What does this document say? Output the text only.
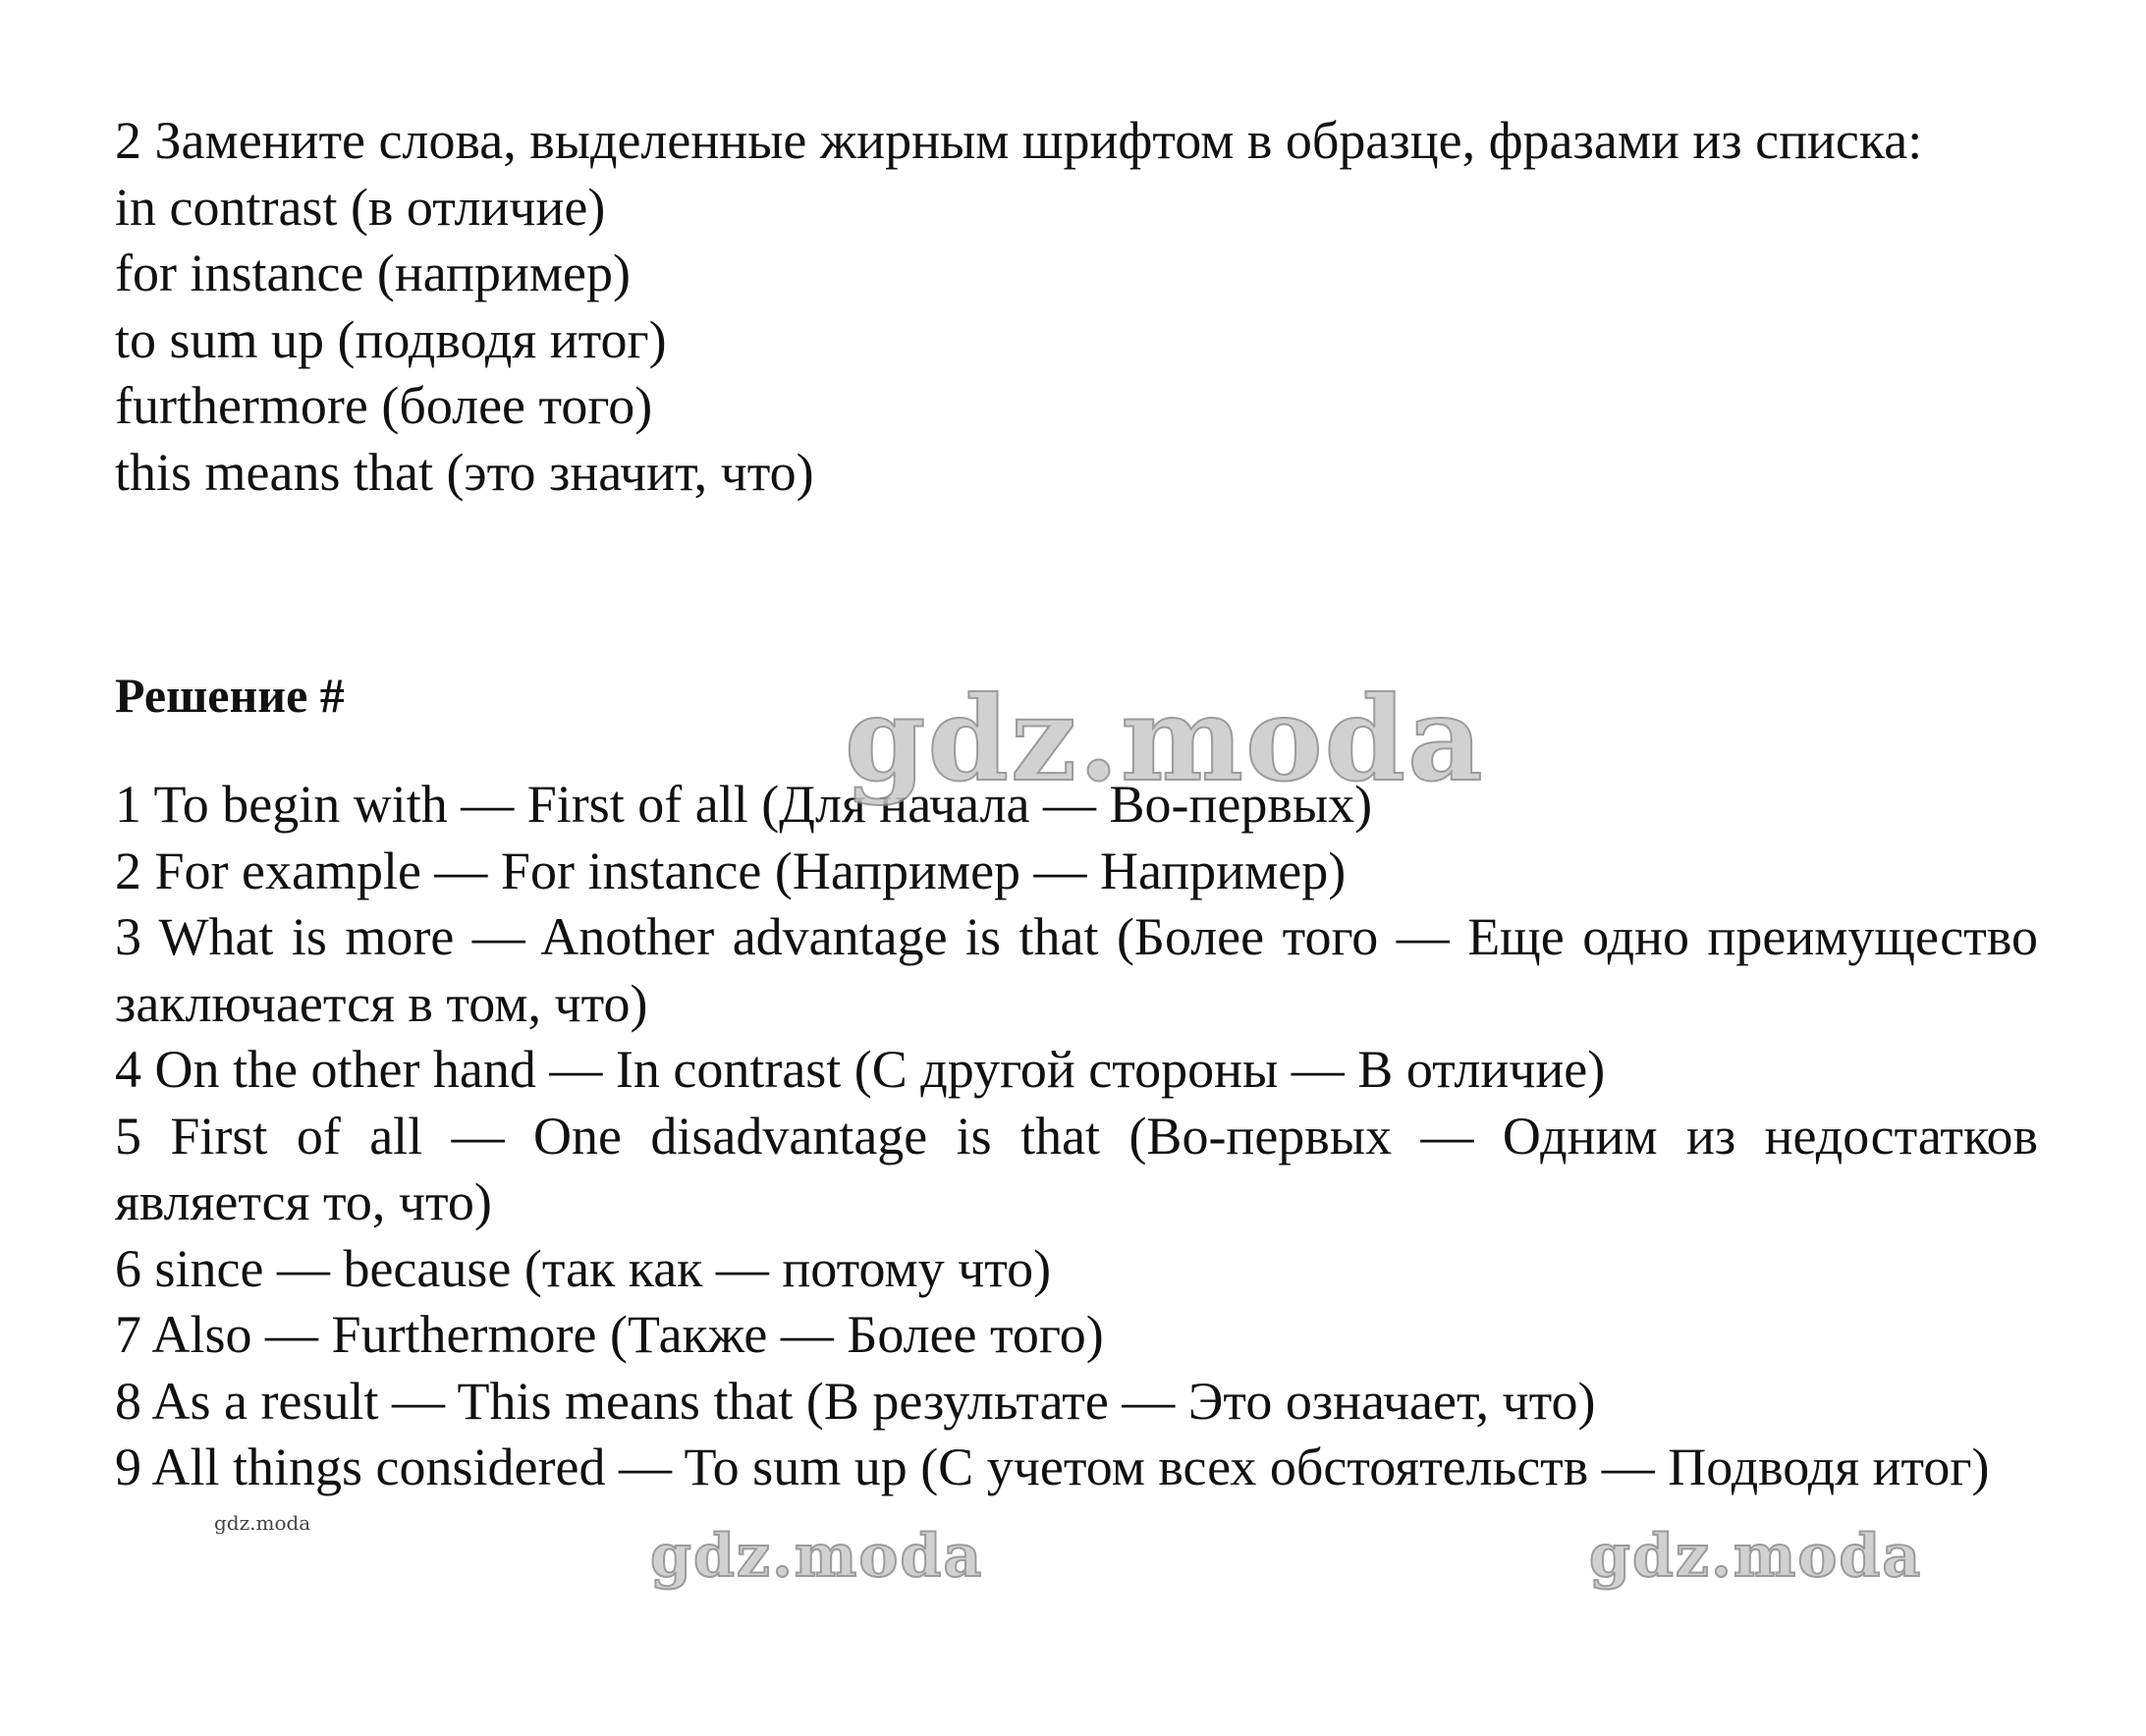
2 Замените слова, выделенные жирным шрифтом в образце, фразами из списка:

in contrast (в отличие)

for instance (например)

to sum up (подводя итог)

furthermore (более того)

this means that (это значит, что)

Решение #

1 To begin with — First of all (Для начала — Во-первых)

2 For example — For instance (Например — Например)

3 What is more — Another advantage is that (Более того — Еще одно преимущество заключается в том, что)

4 On the other hand — In contrast (С другой стороны — В отличие)

5 First of all — One disadvantage is that (Во-первых — Одним из недостатков является то, что)

6 since — because (так как — потому что)

7 Also — Furthermore (Также — Более того)

8 As a result — This means that (В результате — Это означает, что)

9 All things considered — To sum up (С учетом всех обстоятельств — Подводя итог)

gdz.moda
gdz.moda	gdz.moda
gdz.moda
